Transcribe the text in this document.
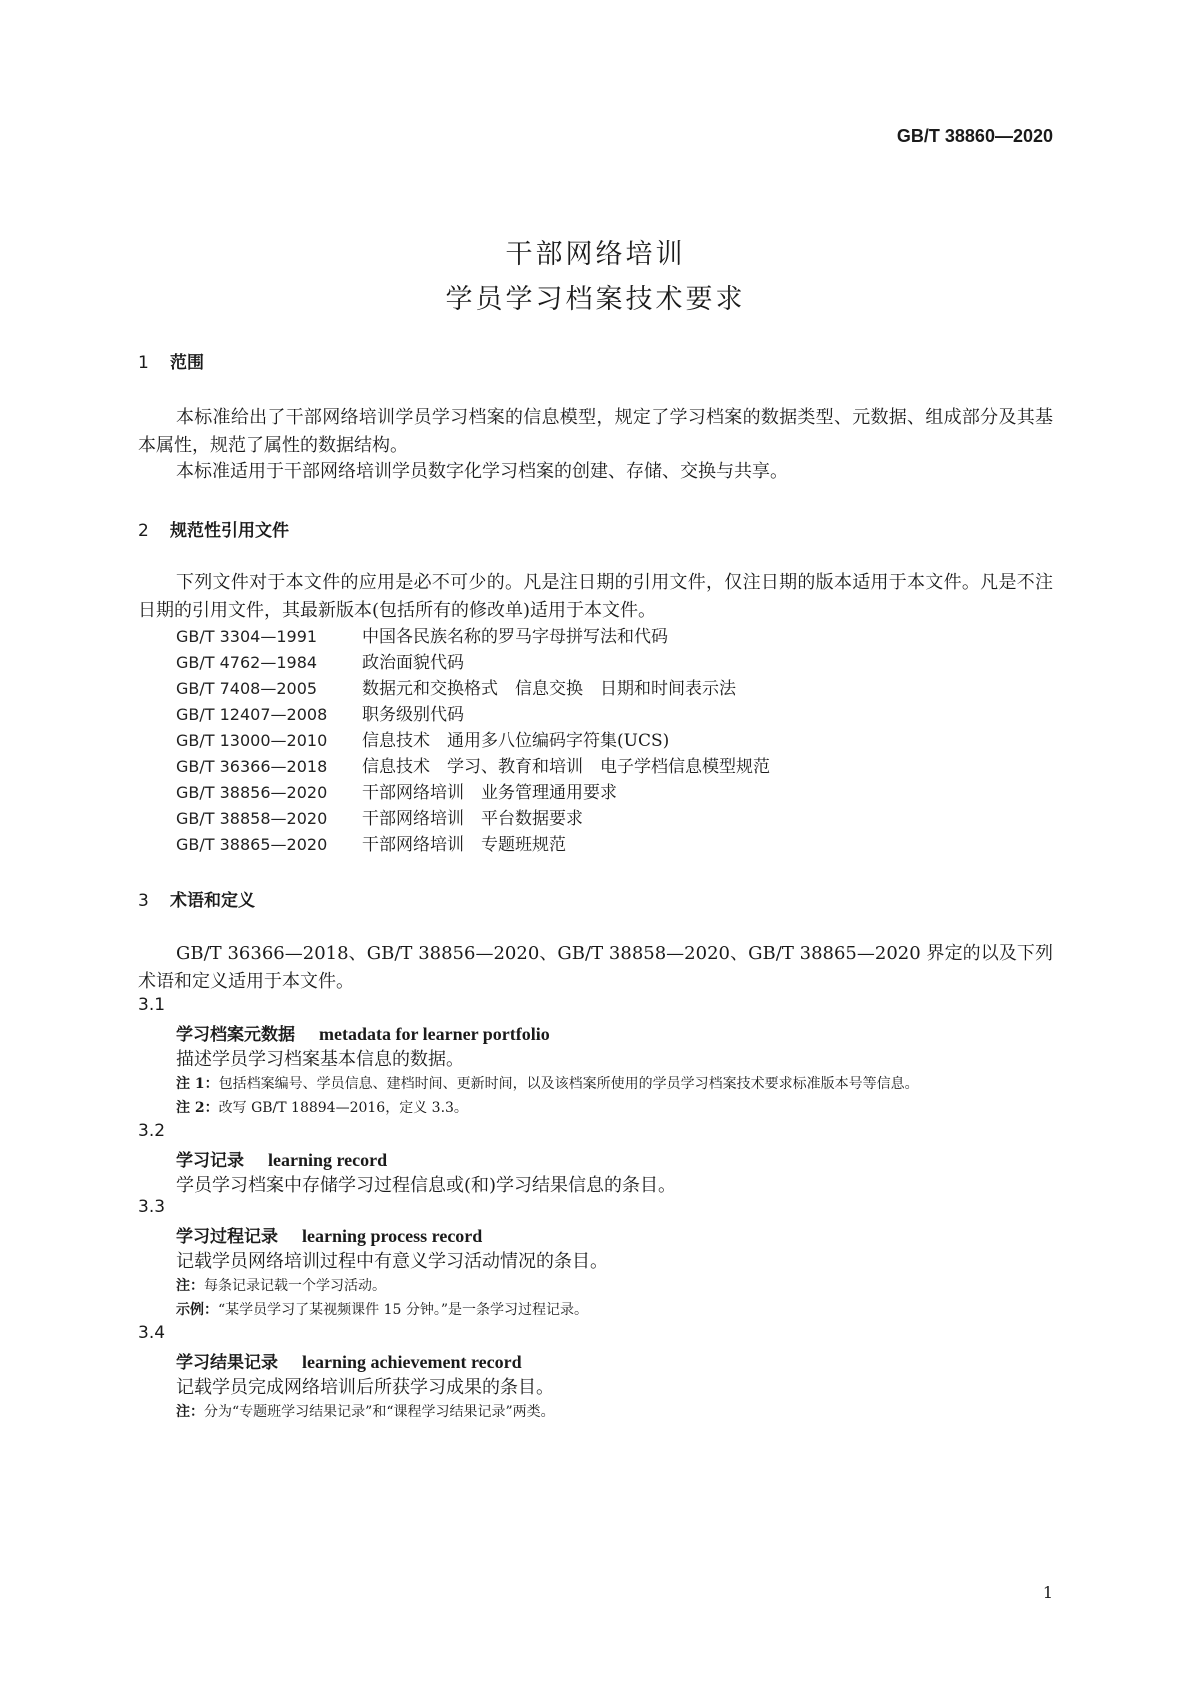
GB/T 38860—2020
干部网络培训
学员学习档案技术要求
1 范围
本标准给出了干部网络培训学员学习档案的信息模型，规定了学习档案的数据类型、元数据、组成部分及其基本属性，规范了属性的数据结构。
本标准适用于干部网络培训学员数字化学习档案的创建、存储、交换与共享。
2 规范性引用文件
下列文件对于本文件的应用是必不可少的。凡是注日期的引用文件，仅注日期的版本适用于本文件。凡是不注日期的引用文件，其最新版本(包括所有的修改单)适用于本文件。
GB/T 3304—1991	中国各民族名称的罗马字母拼写法和代码
GB/T 4762—1984	政治面貌代码
GB/T 7408—2005	数据元和交换格式　信息交换　日期和时间表示法
GB/T 12407—2008 职务级别代码
GB/T 13000—2010 信息技术　通用多八位编码字符集(UCS)
GB/T 36366—2018 信息技术　学习、教育和培训　电子学档信息模型规范
GB/T 38856—2020 干部网络培训　业务管理通用要求
GB/T 38858—2020 干部网络培训　平台数据要求
GB/T 38865—2020 干部网络培训　专题班规范
3 术语和定义
GB/T 36366—2018、GB/T 38856—2020、GB/T 38858—2020、GB/T 38865—2020 界定的以及下列术语和定义适用于本文件。
3.1
学习档案元数据 metadata for learner portfolio
描述学员学习档案基本信息的数据。
注 1：包括档案编号、学员信息、建档时间、更新时间，以及该档案所使用的学员学习档案技术要求标准版本号等信息。
注 2：改写 GB/T 18894—2016，定义 3.3。
3.2
学习记录 learning record
学员学习档案中存储学习过程信息或(和)学习结果信息的条目。
3.3
学习过程记录 learning process record
记载学员网络培训过程中有意义学习活动情况的条目。
注：每条记录记载一个学习活动。
示例：“某学员学习了某视频课件 15 分钟。”是一条学习过程记录。
3.4
学习结果记录 learning achievement record
记载学员完成网络培训后所获学习成果的条目。
注：分为“专题班学习结果记录”和“课程学习结果记录”两类。
1
